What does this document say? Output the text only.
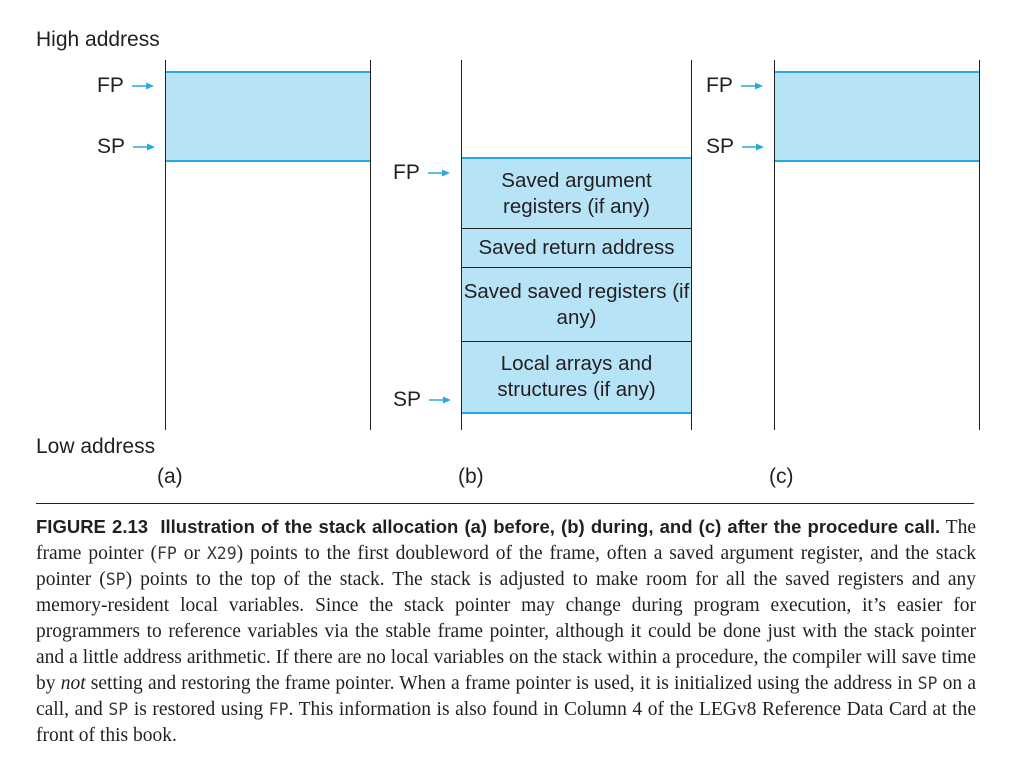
High address
Low address
FP
SP
(a)
Saved argument registers (if any)
Saved return address
Saved saved registers (if any)
Local arrays and structures (if any)
FP
SP
(b)
FP
SP
(c)
FIGURE 2.13 Illustration of the stack allocation (a) before, (b) during, and (c) after the procedure call. The frame pointer (FP or X29) points to the first doubleword of the frame, often a saved argument register, and the stack pointer (SP) points to the top of the stack. The stack is adjusted to make room for all the saved registers and any memory-resident local variables. Since the stack pointer may change during program execution, it’s easier for programmers to reference variables via the stable frame pointer, although it could be done just with the stack pointer and a little address arithmetic. If there are no local variables on the stack within a procedure, the compiler will save time by not setting and restoring the frame pointer. When a frame pointer is used, it is initialized using the address in SP on a call, and SP is restored using FP. This information is also found in Column 4 of the LEGv8 Reference Data Card at the front of this book.
